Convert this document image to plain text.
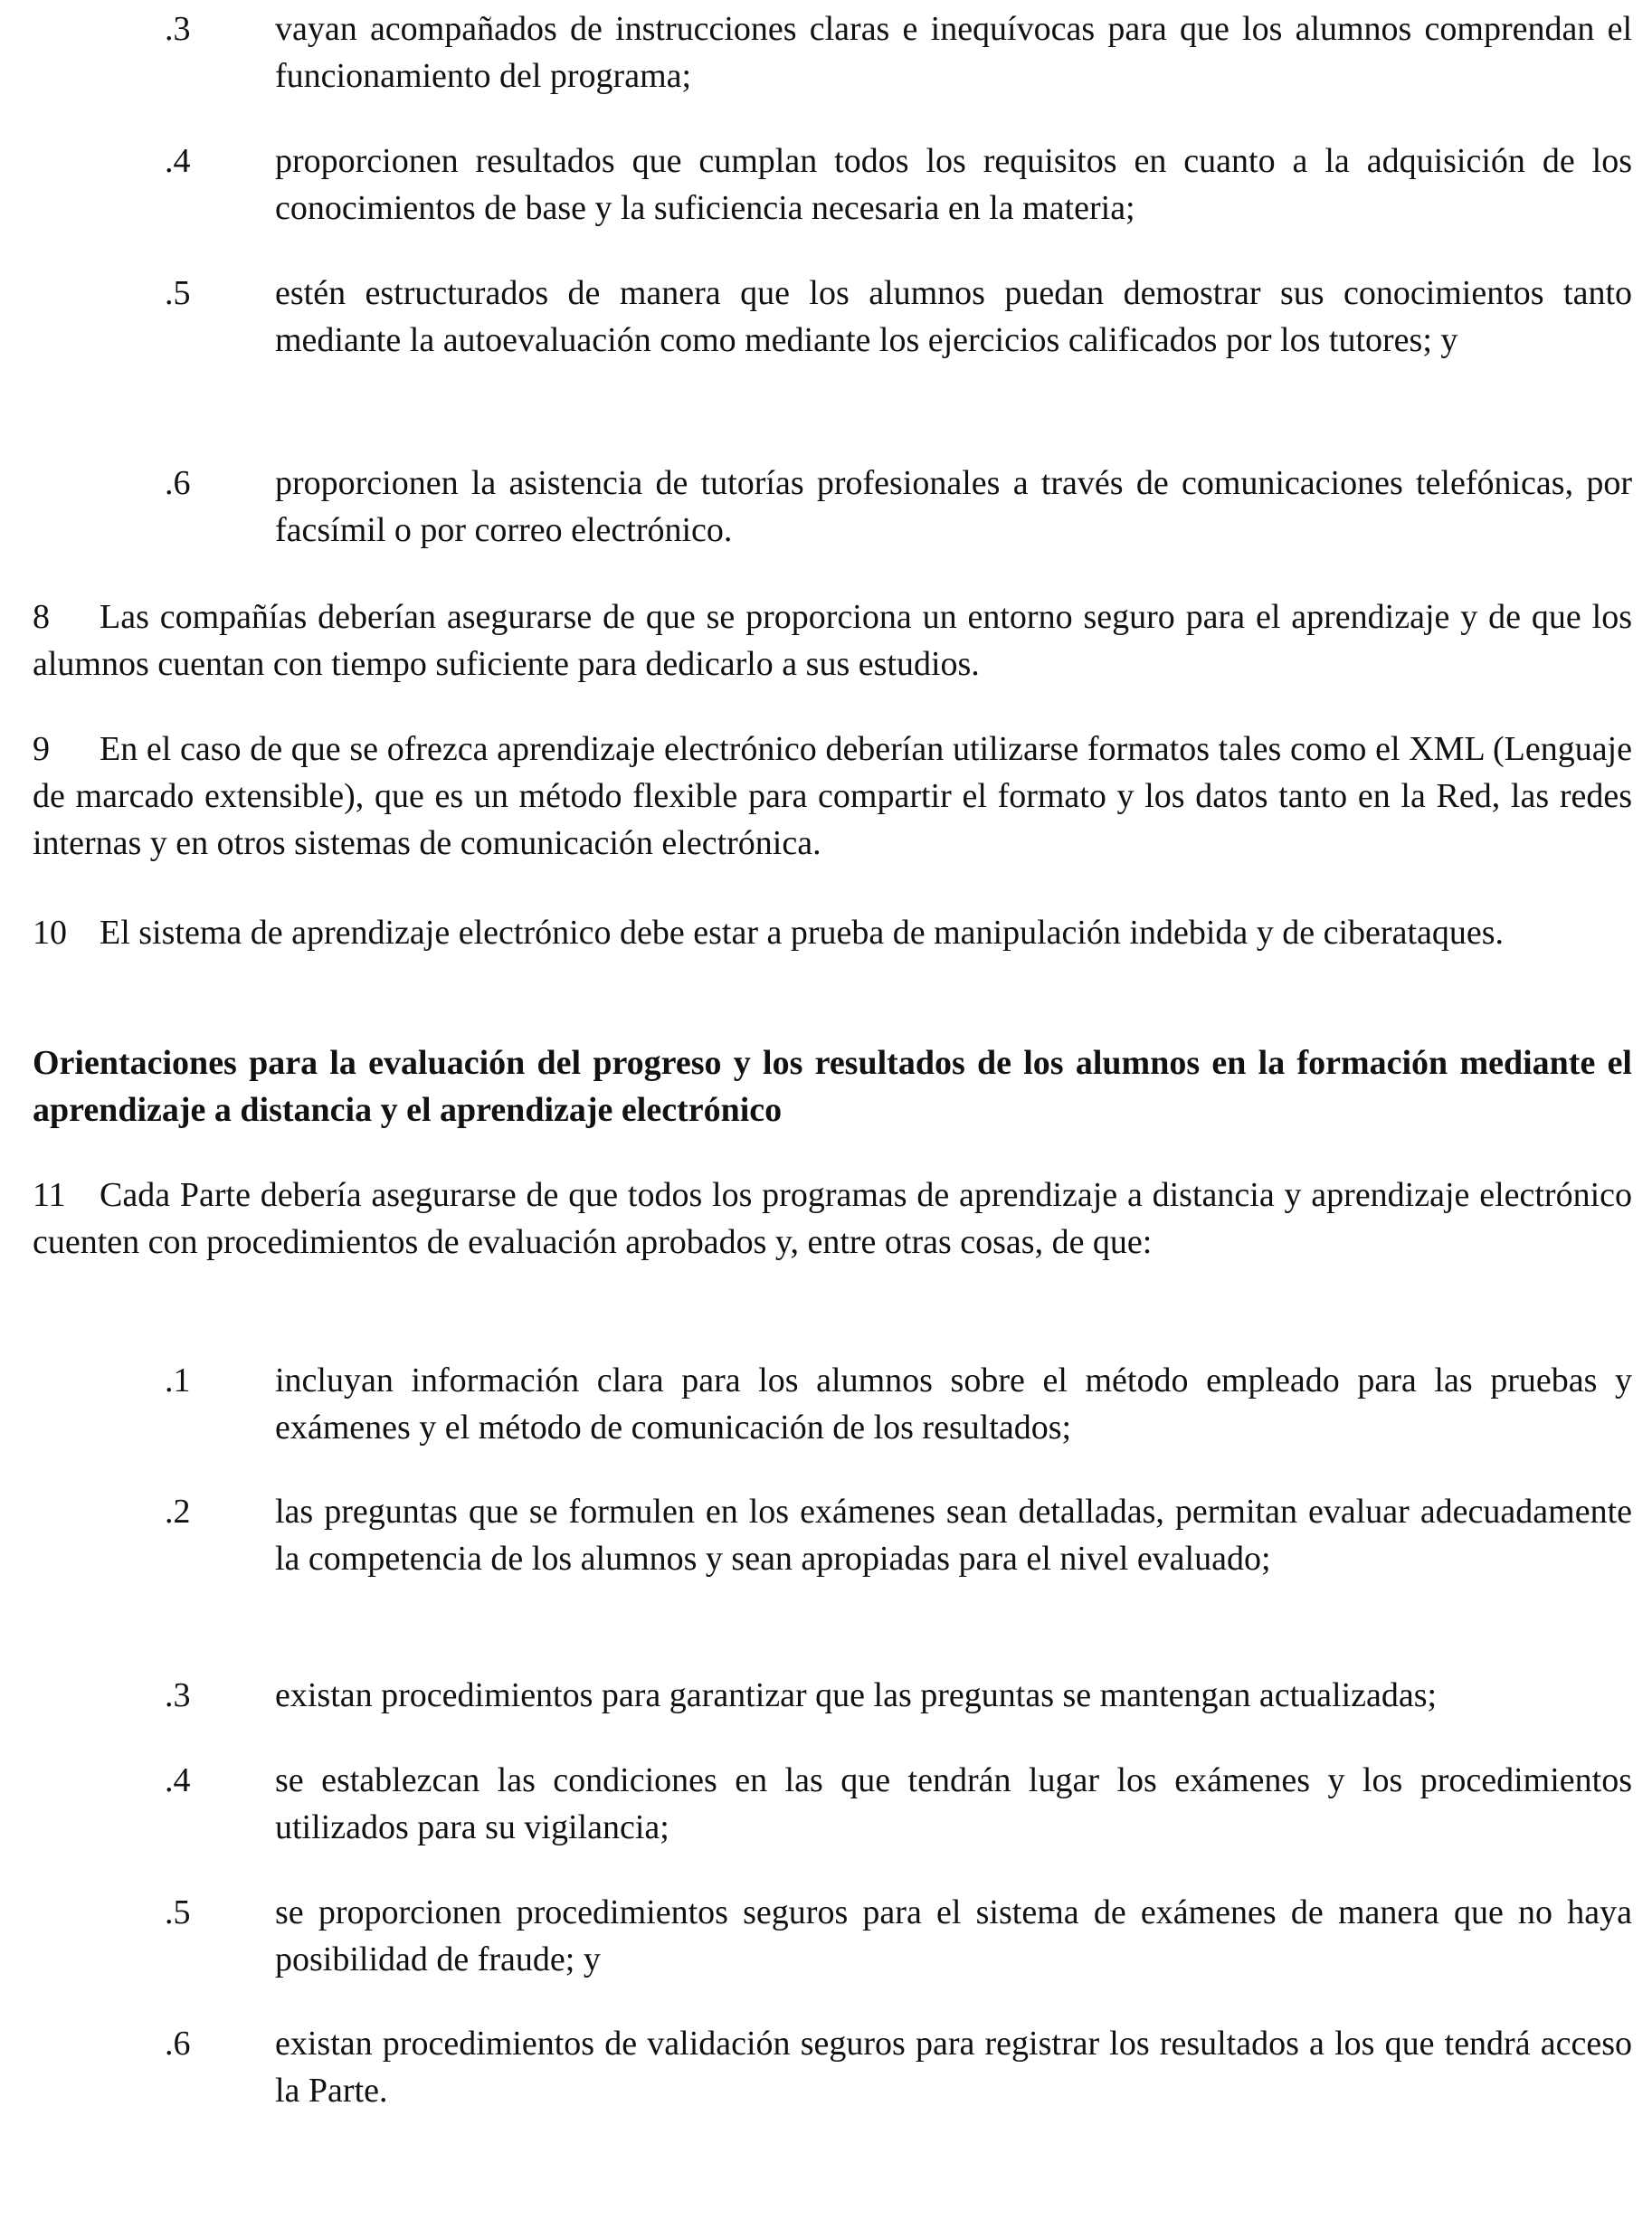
.3 vayan acompañados de instrucciones claras e inequívocas para que los alumnos comprendan el funcionamiento del programa;
.4 proporcionen resultados que cumplan todos los requisitos en cuanto a la adquisición de los conocimientos de base y la suficiencia necesaria en la materia;
.5 estén estructurados de manera que los alumnos puedan demostrar sus conocimientos tanto mediante la autoevaluación como mediante los ejercicios calificados por los tutores; y
.6 proporcionen la asistencia de tutorías profesionales a través de comunicaciones telefónicas, por facsímil o por correo electrónico.
8 Las compañías deberían asegurarse de que se proporciona un entorno seguro para el aprendizaje y de que los alumnos cuentan con tiempo suficiente para dedicarlo a sus estudios.
9 En el caso de que se ofrezca aprendizaje electrónico deberían utilizarse formatos tales como el XML (Lenguaje de marcado extensible), que es un método flexible para compartir el formato y los datos tanto en la Red, las redes internas y en otros sistemas de comunicación electrónica.
10 El sistema de aprendizaje electrónico debe estar a prueba de manipulación indebida y de ciberataques.
Orientaciones para la evaluación del progreso y los resultados de los alumnos en la formación mediante el aprendizaje a distancia y el aprendizaje electrónico
11 Cada Parte debería asegurarse de que todos los programas de aprendizaje a distancia y aprendizaje electrónico cuenten con procedimientos de evaluación aprobados y, entre otras cosas, de que:
.1 incluyan información clara para los alumnos sobre el método empleado para las pruebas y exámenes y el método de comunicación de los resultados;
.2 las preguntas que se formulen en los exámenes sean detalladas, permitan evaluar adecuadamente la competencia de los alumnos y sean apropiadas para el nivel evaluado;
.3 existan procedimientos para garantizar que las preguntas se mantengan actualizadas;
.4 se establezcan las condiciones en las que tendrán lugar los exámenes y los procedimientos utilizados para su vigilancia;
.5 se proporcionen procedimientos seguros para el sistema de exámenes de manera que no haya posibilidad de fraude; y
.6 existan procedimientos de validación seguros para registrar los resultados a los que tendrá acceso la Parte.
